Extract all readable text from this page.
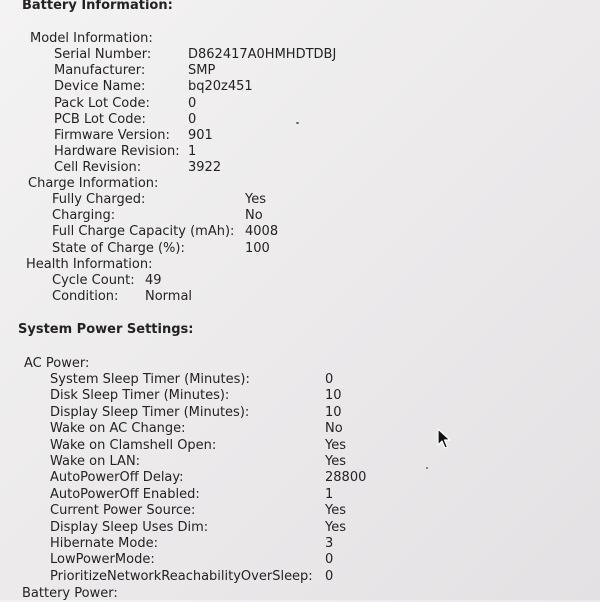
Battery Information:
Model Information:
Serial Number:	D862417A0HMHDTDBJ
Manufacturer:	SMP
Device Name:	bq20z451
Pack Lot Code:	0
PCB Lot Code:	0
Firmware Version: 901
Hardware Revision: 1
Cell Revision:	3922
Charge Information:
Fully Charged:	Yes
Charging:	No
Full Charge Capacity (mAh): 4008
State of Charge (%):	100
Health Information:
Cycle Count: 49
Condition: Normal
System Power Settings:
AC Power:
System Sleep Timer (Minutes):	0
Disk Sleep Timer (Minutes):	10
Display Sleep Timer (Minutes):	10
Wake on AC Change:	No
Wake on Clamshell Open:	Yes
Wake on LAN:	Yes
AutoPowerOff Delay:	28800
AutoPowerOff Enabled:	1
Current Power Source:	Yes
Display Sleep Uses Dim:	Yes
Hibernate Mode:	3
LowPowerMode:	0
PrioritizeNetworkReachabilityOverSleep: 0
Battery Power:
